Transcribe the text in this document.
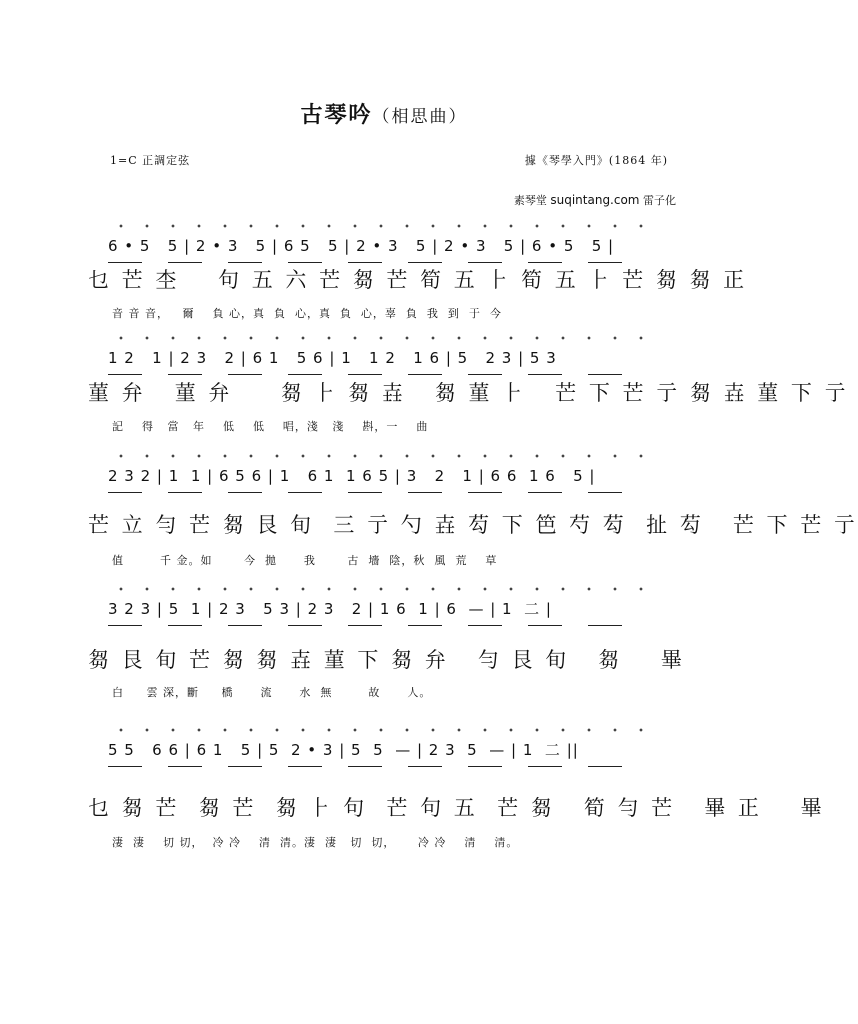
古琴吟（相思曲）
1=C 正調定弦	據《琴學入門》(1864 年)
素琴堂 suqintang.com 雷子化
6 • 5   5 | 2 • 3   5 | 6 5   5 | 2 • 3   5 | 2 • 3   5 | 6 • 5   5 |
乜 芒 杢    句 五 六 芒 芻 芒 筍 五 ⺊ 筍 五 ⺊ 芒 芻 芻 正
音 音 音，   爾    負 心，真  負  心，真  負  心，辜  負  我  到  于  今
1 2   1 | 2 3   2 | 6 1   5 6 | 1   1 2   1 6 | 5   2 3 | 5 3
菫 弁   菫 弁     芻 ⺊ 芻 壵   芻 菫 ⺊   芒 下 芒 亍 芻 壵 菫 下 亍
記    得   當   年    低    低    唱，淺   淺    斟，一    曲
2 3 2 | 1  1 | 6 5 6 | 1   6 1  1 6 5 | 3   2   1 | 6 6  1 6   5 |
芒 立 勻 芒 芻 艮 旬  三 亍 勺 壵 芶 下 笆 芍 芶  扯 芶   芒 下 芒 亍
值        千 金。如       今  拋      我       古  墻  陰，秋  風  荒    草
3 2 3 | 5  1 | 2 3   5 3 | 2 3   2 | 1 6  1 | 6  — | 1  二 |
芻 艮 旬 芒 芻 芻 壵 菫 下 芻 弁   勻 艮 旬   芻    畢
白     雲 深，斷     橋      流      水  無        故      人。
5 5   6 6 | 6 1   5 | 5  2 • 3 | 5  5  — | 2 3  5  — | 1  二 ||
乜 芻 芒  芻 芒  芻 ⺊ 句  芒 句 五  芒 芻   筍 勻 芒   畢 正    畢
淒  淒    切 切，  冷 冷    清  清。淒  淒   切  切，     冷 冷    清    清。
